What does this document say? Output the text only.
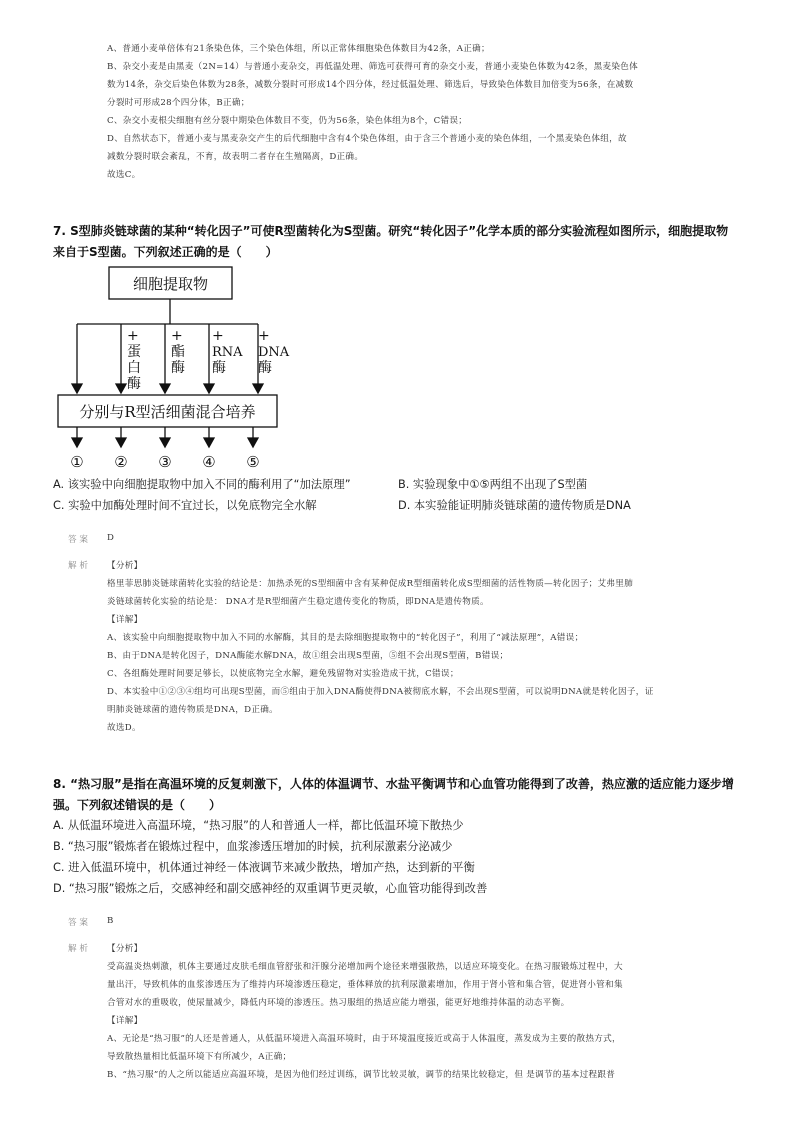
A、普通小麦单倍体有21条染色体，三个染色体组，所以正常体细胞染色体数目为42条，A正确；
B、杂交小麦是由黑麦（2N=14）与普通小麦杂交，再低温处理、筛选可获得可育的杂交小麦，普通小麦染色体数为42条，黑麦染色体
数为14条，杂交后染色体数为28条，减数分裂时可形成14个四分体，经过低温处理、筛选后，导致染色体数目加倍变为56条，在减数
分裂时可形成28个四分体，B正确；
C、杂交小麦根尖细胞有丝分裂中期染色体数目不变，仍为56条，染色体组为8个，C错误；
D、自然状态下，普通小麦与黑麦杂交产生的后代细胞中含有4个染色体组，由于含三个普通小麦的染色体组，一个黑麦染色体组，故
减数分裂时联会紊乱，不育，故表明二者存在生殖隔离，D正确。
故选C。
7. S型肺炎链球菌的某种“转化因子”可使R型菌转化为S型菌。研究“转化因子”化学本质的部分实验流程如图所示，细胞提取物
来自于S型菌。下列叙述正确的是（　　）
细胞提取物
+
蛋
白
酶
+
酯
酶
+
RNA
酶
+
DNA
酶
分别与R型活细菌混合培养
① ② ③ ④ ⑤
A. 该实验中向细胞提取物中加入不同的酶利用了“加法原理”	B. 实验现象中①⑤两组不出现了S型菌
C. 实验中加酶处理时间不宜过长，以免底物完全水解	D. 本实验能证明肺炎链球菌的遗传物质是DNA
答 案 D
解 析 【分析】
格里菲思肺炎链球菌转化实验的结论是：加热杀死的S型细菌中含有某种促成R型细菌转化成S型细菌的活性物质—转化因子；艾弗里肺
炎链球菌转化实验的结论是： DNA才是R型细菌产生稳定遗传变化的物质，即DNA是遗传物质。
【详解】
A、该实验中向细胞提取物中加入不同的水解酶，其目的是去除细胞提取物中的“转化因子”，利用了“减法原理”，A错误；
B、由于DNA是转化因子，DNA酶能水解DNA，故①组会出现S型菌，⑤组不会出现S型菌，B错误；
C、各组酶处理时间要足够长，以使底物完全水解，避免残留物对实验造成干扰，C错误；
D、本实验中①②③④组均可出现S型菌，而⑤组由于加入DNA酶使得DNA被彻底水解，不会出现S型菌，可以说明DNA就是转化因子，证
明肺炎链球菌的遗传物质是DNA，D正确。
故选D。
8. “热习服”是指在高温环境的反复刺激下，人体的体温调节、水盐平衡调节和心血管功能得到了改善，热应激的适应能力逐步增
强。下列叙述错误的是（　　）
A. 从低温环境进入高温环境，“热习服”的人和普通人一样，都比低温环境下散热少
B. “热习服”锻炼者在锻炼过程中，血浆渗透压增加的时候，抗利尿激素分泌减少
C. 进入低温环境中，机体通过神经－体液调节来减少散热，增加产热，达到新的平衡
D. “热习服”锻炼之后，交感神经和副交感神经的双重调节更灵敏，心血管功能得到改善
答 案 B
解 析 【分析】
受高温炎热刺激，机体主要通过皮肤毛细血管舒张和汗腺分泌增加两个途径来增强散热，以适应环境变化。在热习服锻炼过程中，大
量出汗，导致机体的血浆渗透压为了维持内环境渗透压稳定，垂体释放的抗利尿激素增加，作用于肾小管和集合管，促进肾小管和集
合管对水的重吸收，使尿量减少，降低内环境的渗透压。热习服组的热适应能力增强，能更好地维持体温的动态平衡。
【详解】
A、无论是“热习服”的人还是普通人，从低温环境进入高温环境时，由于环境温度接近或高于人体温度，蒸发成为主要的散热方式，
导致散热量相比低温环境下有所减少，A正确；
B、“热习服”的人之所以能适应高温环境，是因为他们经过训练，调节比较灵敏，调节的结果比较稳定，但 是调节的基本过程跟普
